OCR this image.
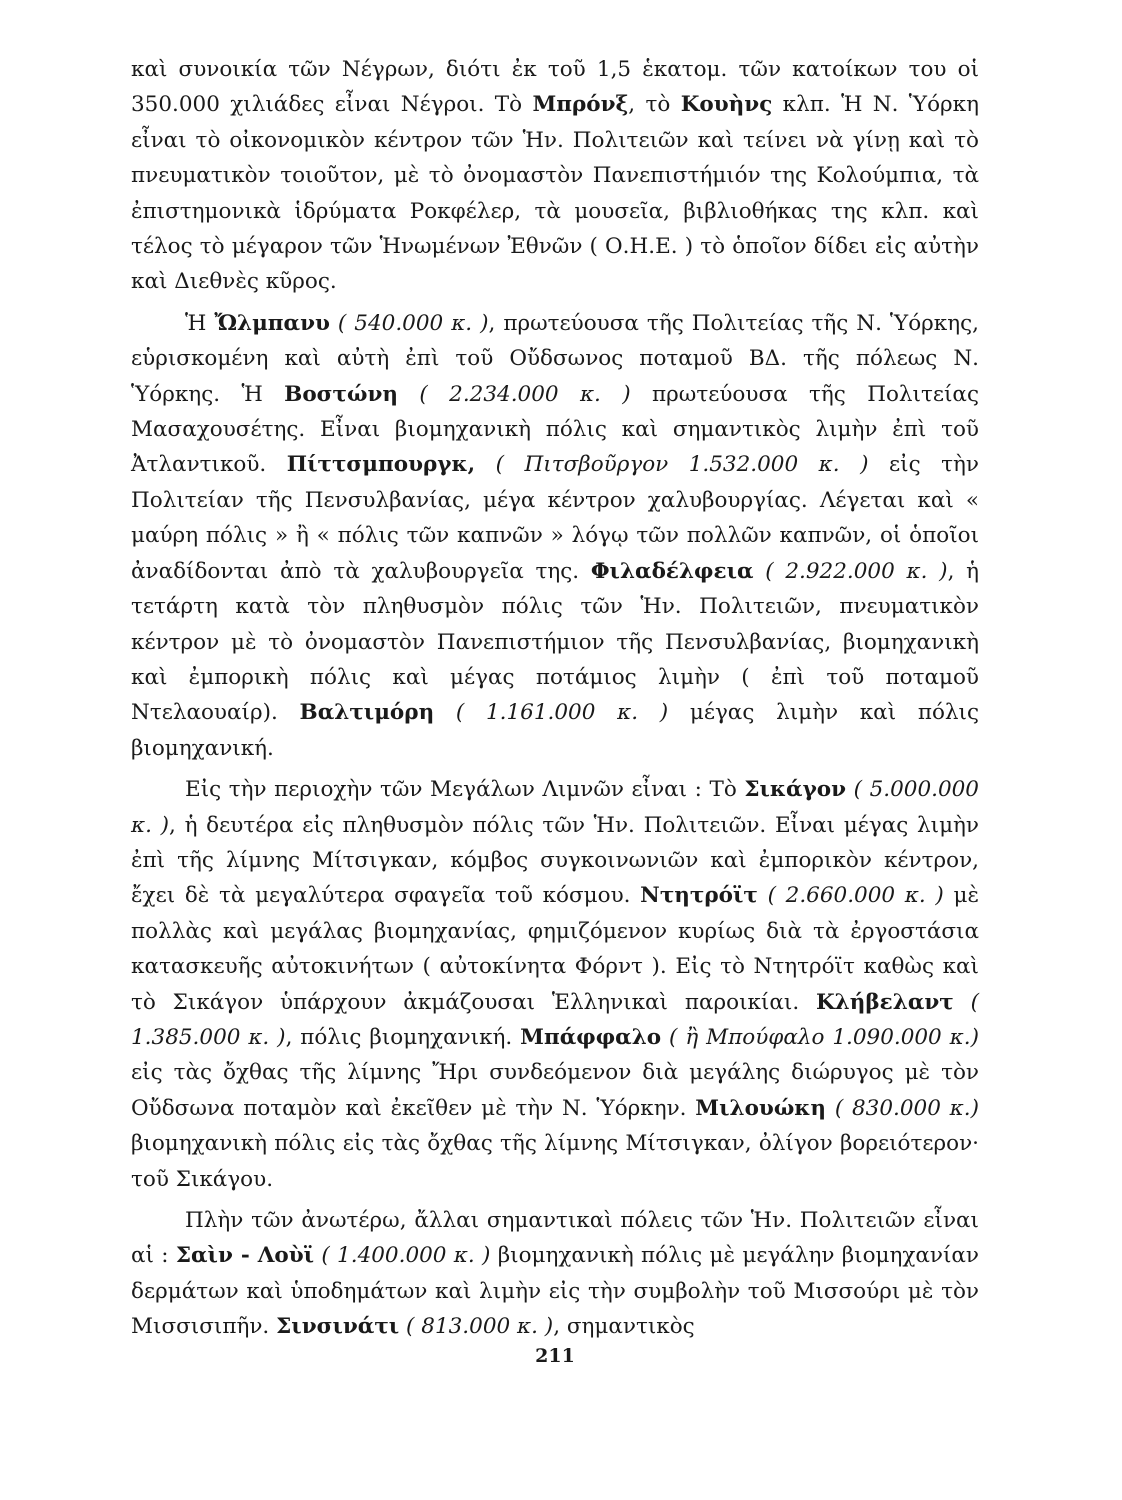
καὶ συνοικία τῶν Νέγρων, διότι ἐκ τοῦ 1,5 ἑκατομ. τῶν κατοίκων του οἱ 350.000 χιλιάδες εἶναι Νέγροι. Τὸ Μπρόνξ, τὸ Κουὴνς κλπ. Ἡ Ν. Ὑόρκη εἶναι τὸ οἰκονομικὸν κέντρον τῶν Ἡν. Πολιτειῶν καὶ τείνει νὰ γίνῃ καὶ τὸ πνευματικὸν τοιοῦτον, μὲ τὸ ὀνομαστὸν Πανεπιστήμιόν της Κολούμπια, τὰ ἐπιστημονικὰ ἱδρύματα Ροκφέλερ, τὰ μουσεῖα, βιβλιοθήκας της κλπ. καὶ τέλος τὸ μέγαρον τῶν Ἡνωμένων Ἐθνῶν ( Ο.Η.Ε. ) τὸ ὁποῖον δίδει εἰς αὐτὴν καὶ Διεθνὲς κῦρος.

Ἡ Ὤλμπανυ ( 540.000 κ. ), πρωτεύουσα τῆς Πολιτείας τῆς Ν. Ὑόρκης, εὑρισκομένη καὶ αὐτὴ ἐπὶ τοῦ Οὔδσωνος ποταμοῦ ΒΔ. τῆς πόλεως Ν. Ὑόρκης. Ἡ Βοστώνη ( 2.234.000 κ. ) πρωτεύουσα τῆς Πολιτείας Μασαχουσέτης. Εἶναι βιομηχανικὴ πόλις καὶ σημαντικὸς λιμὴν ἐπὶ τοῦ Ἀτλαντικοῦ. Πίττσμπουργκ, ( Πιτσβοῦργον 1.532.000 κ. ) εἰς τὴν Πολιτείαν τῆς Πενσυλβανίας, μέγα κέντρον χαλυβουργίας. Λέγεται καὶ « μαύρη πόλις » ἢ « πόλις τῶν καπνῶν » λόγῳ τῶν πολλῶν καπνῶν, οἱ ὁποῖοι ἀναδίδονται ἀπὸ τὰ χαλυβουργεῖα της. Φιλαδέλφεια ( 2.922.000 κ. ), ἡ τετάρτη κατὰ τὸν πληθυσμὸν πόλις τῶν Ἡν. Πολιτειῶν, πνευματικὸν κέντρον μὲ τὸ ὀνομαστὸν Πανεπιστήμιον τῆς Πενσυλβανίας, βιομηχανικὴ καὶ ἐμπορικὴ πόλις καὶ μέγας ποτάμιος λιμὴν ( ἐπὶ τοῦ ποταμοῦ Ντελαουαίρ). Βαλτιμόρη ( 1.161.000 κ. ) μέγας λιμὴν καὶ πόλις βιομηχανική.

Εἰς τὴν περιοχὴν τῶν Μεγάλων Λιμνῶν εἶναι : Τὸ Σικάγον ( 5.000.000 κ. ), ἡ δευτέρα εἰς πληθυσμὸν πόλις τῶν Ἡν. Πολιτειῶν. Εἶναι μέγας λιμὴν ἐπὶ τῆς λίμνης Μίτσιγκαν, κόμβος συγκοινωνιῶν καὶ ἐμπορικὸν κέντρον, ἔχει δὲ τὰ μεγαλύτερα σφαγεῖα τοῦ κόσμου. Ντητρόϊτ ( 2.660.000 κ. ) μὲ πολλὰς καὶ μεγάλας βιομηχανίας, φημιζόμενον κυρίως διὰ τὰ ἐργοστάσια κατασκευῆς αὐτοκινήτων ( αὐτοκίνητα Φόρντ ). Εἰς τὸ Ντητρόϊτ καθὼς καὶ τὸ Σικάγον ὑπάρχουν ἀκμάζουσαι Ἑλληνικαὶ παροικίαι. Κλήβελαντ ( 1.385.000 κ. ), πόλις βιομηχανική. Μπάφφαλο ( ἢ Μπούφαλο 1.090.000 κ.) εἰς τὰς ὄχθας τῆς λίμνης Ἤρι συνδεόμενον διὰ μεγάλης διώρυγος μὲ τὸν Οὔδσωνα ποταμὸν καὶ ἐκεῖθεν μὲ τὴν Ν. Ὑόρκην. Μιλουώκη ( 830.000 κ.) βιομηχανικὴ πόλις εἰς τὰς ὄχθας τῆς λίμνης Μίτσιγκαν, ὀλίγον βορειότερον· τοῦ Σικάγου.

Πλὴν τῶν ἀνωτέρω, ἄλλαι σημαντικαὶ πόλεις τῶν Ἡν. Πολιτειῶν εἶναι αἱ : Σαὶν - Λοὺϊ ( 1.400.000 κ. ) βιομηχανικὴ πόλις μὲ μεγάλην βιομηχανίαν δερμάτων καὶ ὑποδημάτων καὶ λιμὴν εἰς τὴν συμβολὴν τοῦ Μισσούρι μὲ τὸν Μισσισιπῆν. Σινσινάτι ( 813.000 κ. ), σημαντικὸς

211
